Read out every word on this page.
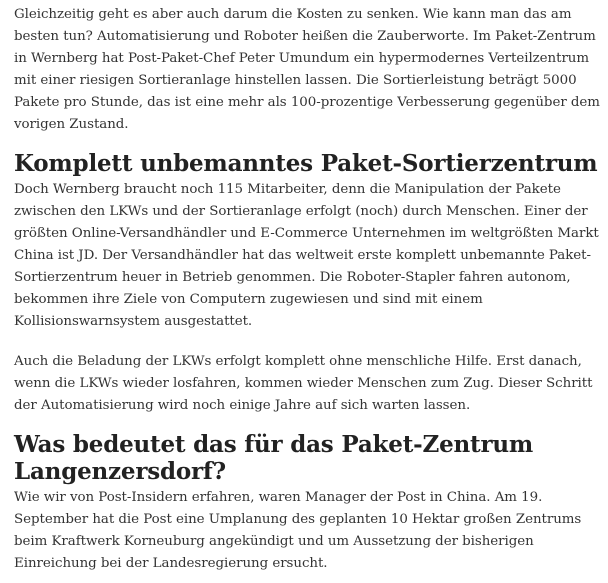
Gleichzeitig geht es aber auch darum die Kosten zu senken. Wie kann man das am besten tun? Automatisierung und Roboter heißen die Zauberworte. Im Paket-Zentrum in Wernberg hat Post-Paket-Chef Peter Umundum ein hypermodernes Verteilzentrum mit einer riesigen Sortieranlage hinstellen lassen. Die Sortierleistung beträgt 5000 Pakete pro Stunde, das ist eine mehr als 100-prozentige Verbesserung gegenüber dem vorigen Zustand.

Komplett unbemanntes Paket-Sortierzentrum

Doch Wernberg braucht noch 115 Mitarbeiter, denn die Manipulation der Pakete zwischen den LKWs und der Sortieranlage erfolgt (noch) durch Menschen. Einer der größten Online-Versandhändler und E-Commerce Unternehmen im weltgrößten Markt China ist JD. Der Versandhändler hat das weltweit erste komplett unbemannte Paket-Sortierzentrum heuer in Betrieb genommen. Die Roboter-Stapler fahren autonom, bekommen ihre Ziele von Computern zugewiesen und sind mit einem Kollisionswarnsystem ausgestattet.

Auch die Beladung der LKWs erfolgt komplett ohne menschliche Hilfe. Erst danach, wenn die LKWs wieder losfahren, kommen wieder Menschen zum Zug. Dieser Schritt der Automatisierung wird noch einige Jahre auf sich warten lassen.

Was bedeutet das für das Paket-Zentrum Langenzersdorf?

Wie wir von Post-Insidern erfahren, waren Manager der Post in China. Am 19. September hat die Post eine Umplanung des geplanten 10 Hektar großen Zentrums beim Kraftwerk Korneuburg angekündigt und um Aussetzung der bisherigen Einreichung bei der Landesregierung ersucht.
